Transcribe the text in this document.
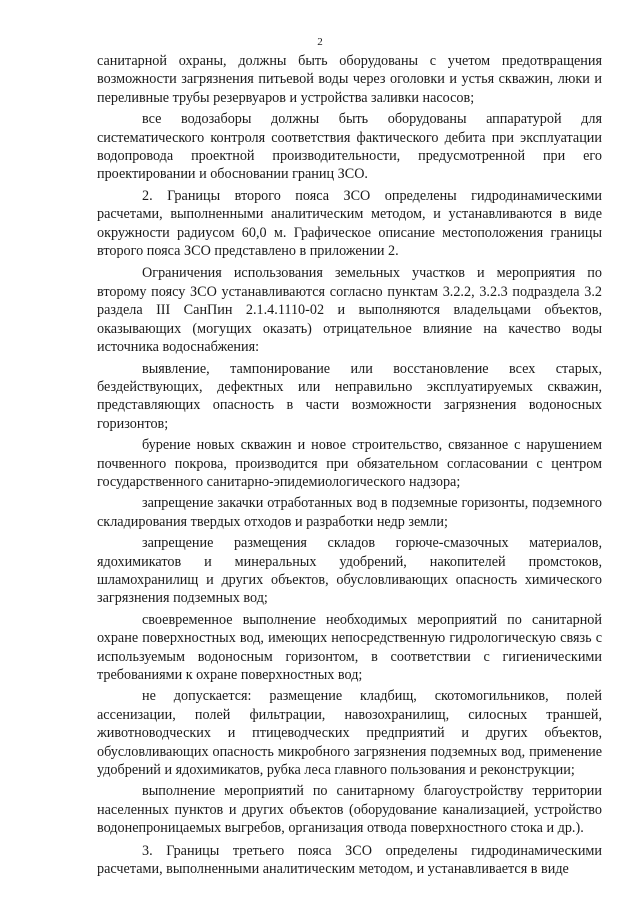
2

санитарной охраны, должны быть оборудованы с учетом предотвращения возможности загрязнения питьевой воды через оголовки и устья скважин, люки и переливные трубы резервуаров и устройства заливки насосов;

все водозаборы должны быть оборудованы аппаратурой для систематического контроля соответствия фактического дебита при эксплуатации водопровода проектной производительности, предусмотренной при его проектировании и обосновании границ ЗСО.

2. Границы второго пояса ЗСО определены гидродинамическими расчетами, выполненными аналитическим методом, и устанавливаются в виде окружности радиусом 60,0 м. Графическое описание местоположения границы второго пояса ЗСО представлено в приложении 2.

Ограничения использования земельных участков и мероприятия по второму поясу ЗСО устанавливаются согласно пунктам 3.2.2, 3.2.3 подраздела 3.2 раздела III СанПин 2.1.4.1110-02 и выполняются владельцами объектов, оказывающих (могущих оказать) отрицательное влияние на качество воды источника водоснабжения:

выявление, тампонирование или восстановление всех старых, бездействующих, дефектных или неправильно эксплуатируемых скважин, представляющих опасность в части возможности загрязнения водоносных горизонтов;

бурение новых скважин и новое строительство, связанное с нарушением почвенного покрова, производится при обязательном согласовании с центром государственного санитарно-эпидемиологического надзора;

запрещение закачки отработанных вод в подземные горизонты, подземного складирования твердых отходов и разработки недр земли;

запрещение размещения складов горюче-смазочных материалов, ядохимикатов и минеральных удобрений, накопителей промстоков, шламохранилищ и других объектов, обусловливающих опасность химического загрязнения подземных вод;

своевременное выполнение необходимых мероприятий по санитарной охране поверхностных вод, имеющих непосредственную гидрологическую связь с используемым водоносным горизонтом, в соответствии с гигиеническими требованиями к охране поверхностных вод;

не допускается: размещение кладбищ, скотомогильников, полей ассенизации, полей фильтрации, навозохранилищ, силосных траншей, животноводческих и птицеводческих предприятий и других объектов, обусловливающих опасность микробного загрязнения подземных вод, применение удобрений и ядохимикатов, рубка леса главного пользования и реконструкции;

выполнение мероприятий по санитарному благоустройству территории населенных пунктов и других объектов (оборудование канализацией, устройство водонепроницаемых выгребов, организация отвода поверхностного стока и др.).

3. Границы третьего пояса ЗСО определены гидродинамическими расчетами, выполненными аналитическим методом, и устанавливается в виде
